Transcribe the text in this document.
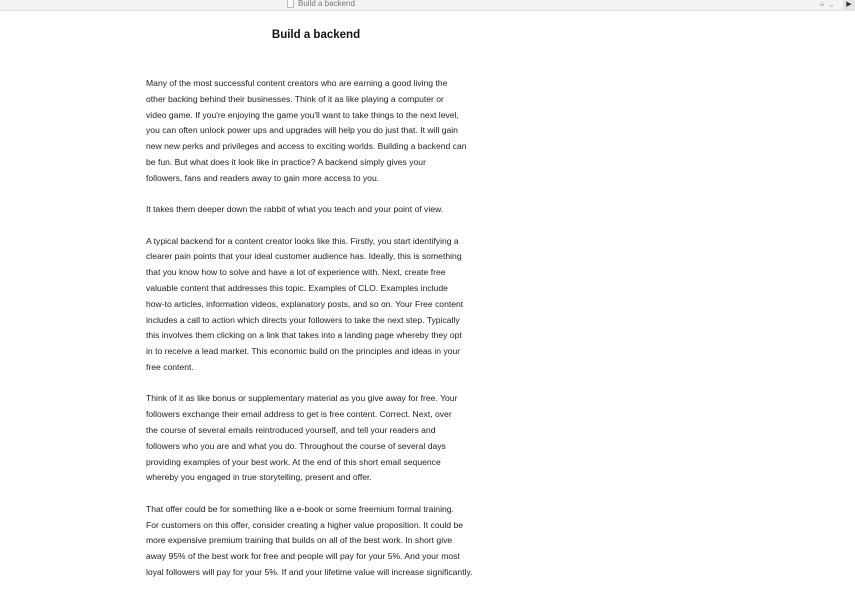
Build a backend	≡ ⌄	▶
Build a backend

Many of the most successful content creators who are earning a good living the
other backing behind their businesses. Think of it as like playing a computer or
video game. If you're enjoying the game you'll want to take things to the next level,
you can often unlock power ups and upgrades will help you do just that. It will gain
new new perks and privileges and access to exciting worlds. Building a backend can
be fun. But what does it look like in practice? A backend simply gives your
followers, fans and readers away to gain more access to you.

It takes them deeper down the rabbit of what you teach and your point of view.

A typical backend for a content creator looks like this. Firstly, you start identifying a
clearer pain points that your ideal customer audience has. Ideally, this is something
that you know how to solve and have a lot of experience with. Next, create free
valuable content that addresses this topic. Examples of CLO. Examples include
how-to articles, information videos, explanatory posts, and so on. Your Free content
includes a call to action which directs your followers to take the next step. Typically
this involves them clicking on a link that takes into a landing page whereby they opt
in to receive a lead market. This economic build on the principles and ideas in your
free content.

Think of it as like bonus or supplementary material as you give away for free. Your
followers exchange their email address to get is free content. Correct. Next, over
the course of several emails reintroduced yourself, and tell your readers and
followers who you are and what you do. Throughout the course of several days
providing examples of your best work. At the end of this short email sequence
whereby you engaged in true storytelling, present and offer.

That offer could be for something like a e-book or some freemium formal training.
For customers on this offer, consider creating a higher value proposition. It could be
more expensive premium training that builds on all of the best work. In short give
away 95% of the best work for free and people will pay for your 5%. And your most
loyal followers will pay for your 5%. If and your lifetime value will increase significantly.
